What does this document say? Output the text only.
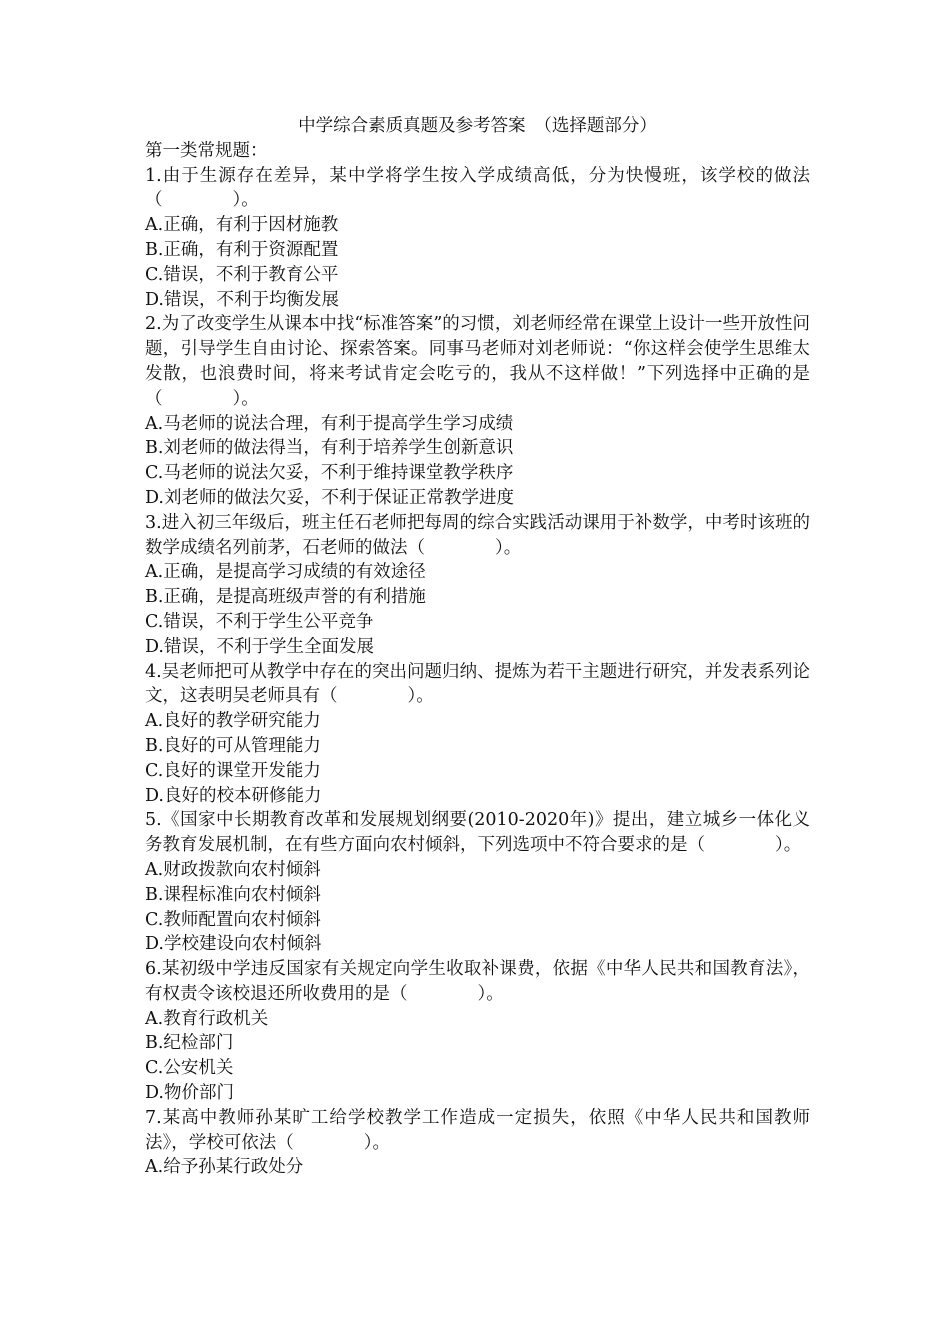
中学综合素质真题及参考答案　（选择题部分）

第一类常规题：

1.由于生源存在差异，某中学将学生按入学成绩高低，分为快慢班，该学校的做法（　　　　）。

A.正确，有利于因材施教

B.正确，有利于资源配置

C.错误，不利于教育公平

D.错误，不利于均衡发展

2.为了改变学生从课本中找“标准答案”的习惯，刘老师经常在课堂上设计一些开放性问题，引导学生自由讨论、探索答案。同事马老师对刘老师说：“你这样会使学生思维太发散，也浪费时间，将来考试肯定会吃亏的，我从不这样做！”下列选择中正确的是（　　　　）。

A.马老师的说法合理，有利于提高学生学习成绩

B.刘老师的做法得当，有利于培养学生创新意识

C.马老师的说法欠妥，不利于维持课堂教学秩序

D.刘老师的做法欠妥，不利于保证正常教学进度

3.进入初三年级后，班主任石老师把每周的综合实践活动课用于补数学，中考时该班的数学成绩名列前茅，石老师的做法（　　　　）。

A.正确，是提高学习成绩的有效途径

B.正确，是提高班级声誉的有利措施

C.错误，不利于学生公平竞争

D.错误，不利于学生全面发展

4.吴老师把可从教学中存在的突出问题归纳、提炼为若干主题进行研究，并发表系列论文，这表明吴老师具有（　　　　）。

A.良好的教学研究能力

B.良好的可从管理能力

C.良好的课堂开发能力

D.良好的校本研修能力

5.《国家中长期教育改革和发展规划纲要(2010-2020年)》提出，建立城乡一体化义务教育发展机制，在有些方面向农村倾斜，下列选项中不符合要求的是（　　　　）。

A.财政拨款向农村倾斜

B.课程标准向农村倾斜

C.教师配置向农村倾斜

D.学校建设向农村倾斜

6.某初级中学违反国家有关规定向学生收取补课费，依据《中华人民共和国教育法》，有权责令该校退还所收费用的是（　　　　）。

A.教育行政机关

B.纪检部门

C.公安机关

D.物价部门

7.某高中教师孙某旷工给学校教学工作造成一定损失，依照《中华人民共和国教师法》，学校可依法（　　　　）。

A.给予孙某行政处分
